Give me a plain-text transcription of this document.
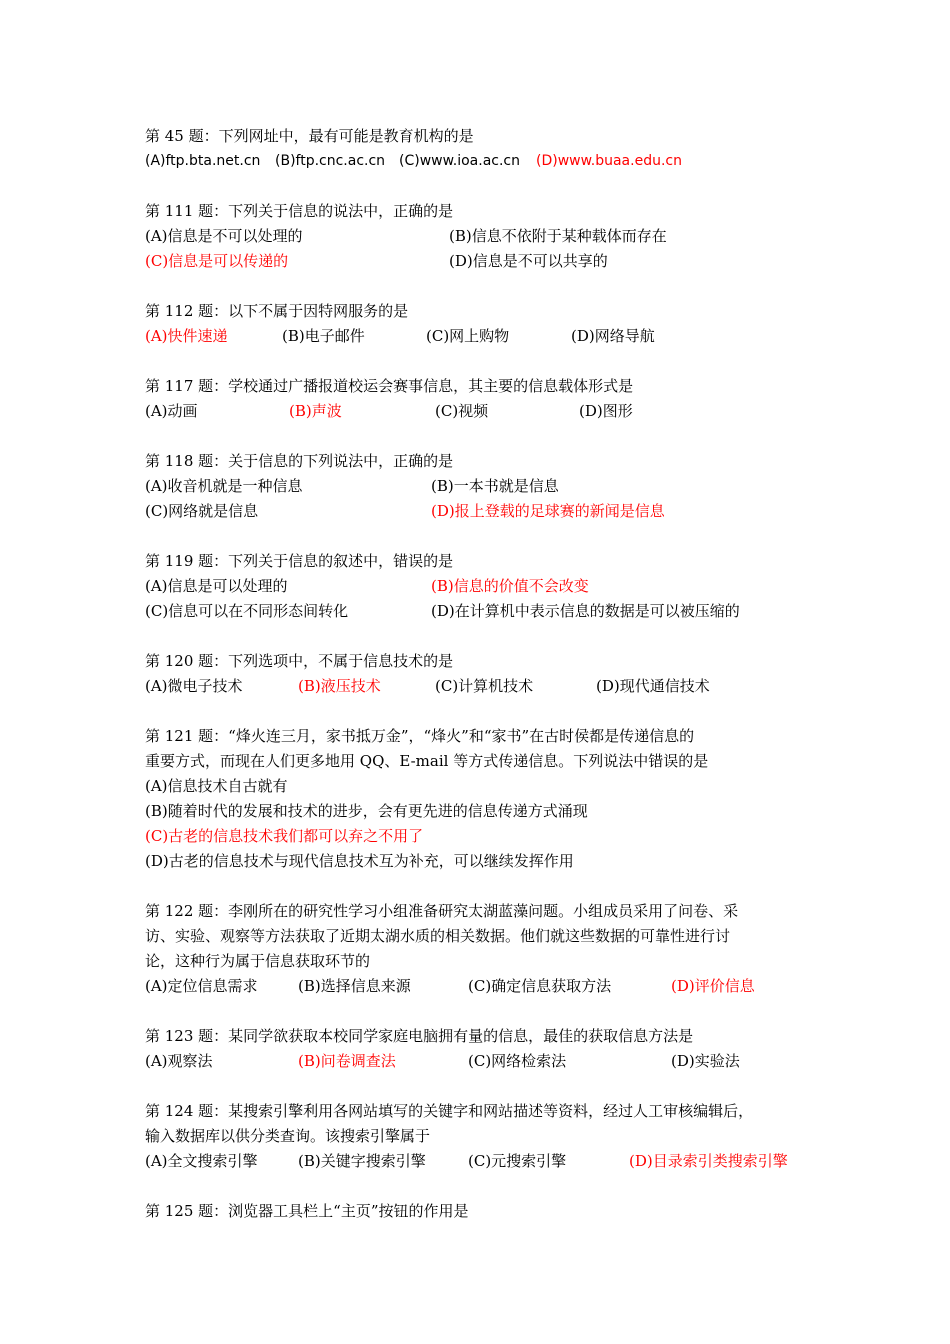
第 45 题：下列网址中，最有可能是教育机构的是
(A)ftp.bta.net.cn (B)ftp.cnc.ac.cn (C)www.ioa.ac.cn (D)www.buaa.edu.cn
第 111 题：下列关于信息的说法中，正确的是
(A)信息是不可以处理的	(B)信息不依附于某种载体而存在
(C)信息是可以传递的	(D)信息是不可以共享的
第 112 题：以下不属于因特网服务的是
(A)快件速递	(B)电子邮件	(C)网上购物	(D)网络导航
第 117 题：学校通过广播报道校运会赛事信息，其主要的信息载体形式是
(A)动画	(B)声波	(C)视频	(D)图形
第 118 题：关于信息的下列说法中，正确的是
(A)收音机就是一种信息	(B)一本书就是信息
(C)网络就是信息	(D)报上登载的足球赛的新闻是信息
第 119 题：下列关于信息的叙述中，错误的是
(A)信息是可以处理的	(B)信息的价值不会改变
(C)信息可以在不同形态间转化	(D)在计算机中表示信息的数据是可以被压缩的
第 120 题：下列选项中，不属于信息技术的是
(A)微电子技术	(B)液压技术	(C)计算机技术	(D)现代通信技术
第 121 题：“烽火连三月，家书抵万金”，“烽火”和“家书”在古时侯都是传递信息的
重要方式，而现在人们更多地用 QQ、E-mail 等方式传递信息。下列说法中错误的是
(A)信息技术自古就有
(B)随着时代的发展和技术的进步，会有更先进的信息传递方式涌现
(C)古老的信息技术我们都可以弃之不用了
(D)古老的信息技术与现代信息技术互为补充，可以继续发挥作用
第 122 题：李刚所在的研究性学习小组准备研究太湖蓝藻问题。小组成员采用了问卷、采
访、实验、观察等方法获取了近期太湖水质的相关数据。他们就这些数据的可靠性进行讨
论，这种行为属于信息获取环节的
(A)定位信息需求	(B)选择信息来源	(C)确定信息获取方法	(D)评价信息
第 123 题：某同学欲获取本校同学家庭电脑拥有量的信息，最佳的获取信息方法是
(A)观察法	(B)问卷调查法	(C)网络检索法	(D)实验法
第 124 题：某搜索引擎利用各网站填写的关键字和网站描述等资料，经过人工审核编辑后，
输入数据库以供分类查询。该搜索引擎属于
(A)全文搜索引擎	(B)关键字搜索引擎	(C)元搜索引擎	(D)目录索引类搜索引擎
第 125 题：浏览器工具栏上“主页”按钮的作用是
